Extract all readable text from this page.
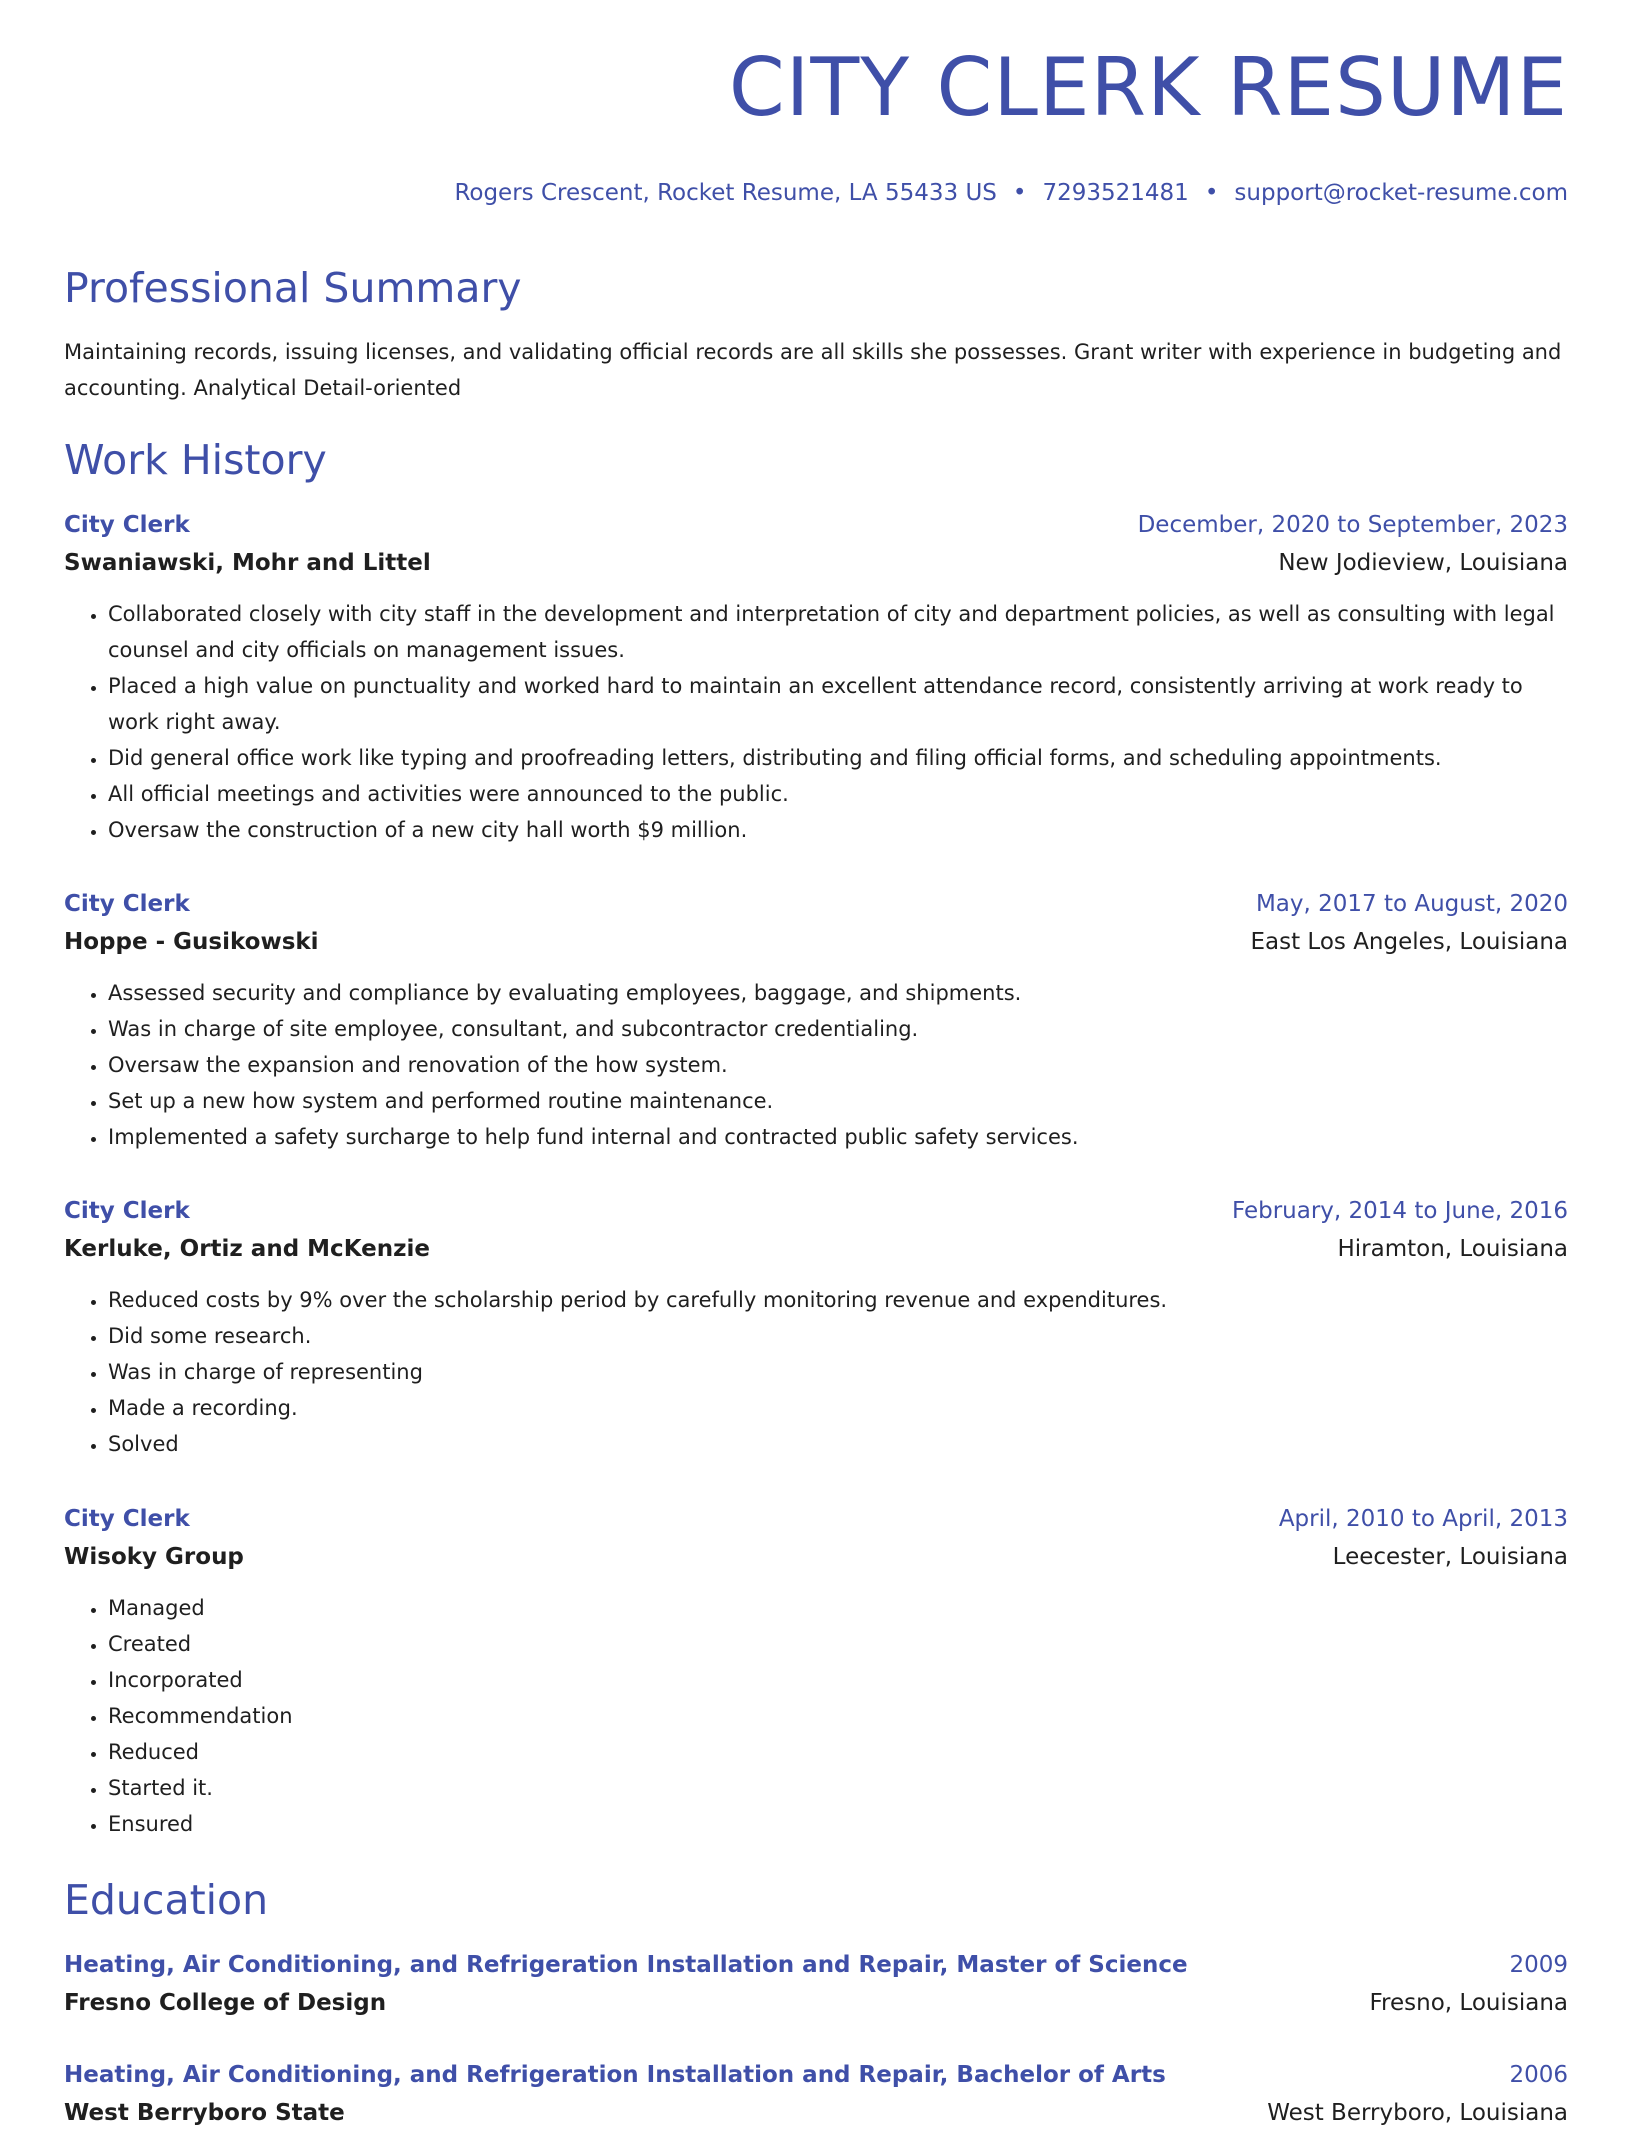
CITY CLERK RESUME
Rogers Crescent, Rocket Resume, LA 55433 US • 7293521481 • support@rocket-resume.com
Professional Summary

Maintaining records, issuing licenses, and validating official records are all skills she possesses. Grant writer with experience in budgeting and accounting. Analytical Detail-oriented

Work History
City Clerk	December, 2020 to September, 2023
Swaniawski, Mohr and Littel	New Jodieview, Louisiana
• Collaborated closely with city staff in the development and interpretation of city and department policies, as well as consulting with legal counsel and city officials on management issues.
• Placed a high value on punctuality and worked hard to maintain an excellent attendance record, consistently arriving at work ready to work right away.
• Did general office work like typing and proofreading letters, distributing and filing official forms, and scheduling appointments.
• All official meetings and activities were announced to the public.
• Oversaw the construction of a new city hall worth $9 million.
City Clerk	May, 2017 to August, 2020
Hoppe - Gusikowski	East Los Angeles, Louisiana
• Assessed security and compliance by evaluating employees, baggage, and shipments.
• Was in charge of site employee, consultant, and subcontractor credentialing.
• Oversaw the expansion and renovation of the how system.
• Set up a new how system and performed routine maintenance.
• Implemented a safety surcharge to help fund internal and contracted public safety services.
City Clerk	February, 2014 to June, 2016
Kerluke, Ortiz and McKenzie	Hiramton, Louisiana
• Reduced costs by 9% over the scholarship period by carefully monitoring revenue and expenditures.
• Did some research.
• Was in charge of representing
• Made a recording.
• Solved
City Clerk	April, 2010 to April, 2013
Wisoky Group	Leecester, Louisiana
• Managed
• Created
• Incorporated
• Recommendation
• Reduced
• Started it.
• Ensured
Education
Heating, Air Conditioning, and Refrigeration Installation and Repair, Master of Science	2009
Fresno College of Design	Fresno, Louisiana
Heating, Air Conditioning, and Refrigeration Installation and Repair, Bachelor of Arts	2006
West Berryboro State	West Berryboro, Louisiana
